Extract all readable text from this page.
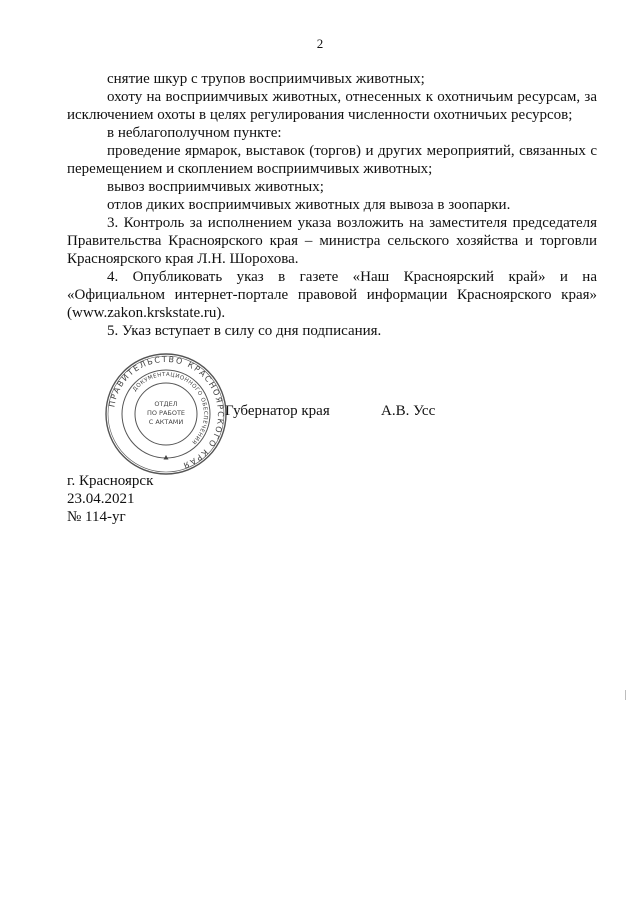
2

снятие шкур с трупов восприимчивых животных;

охоту на восприимчивых животных, отнесенных к охотничьим ресурсам, за исключением охоты в целях регулирования численности охотничьих ресурсов;

в неблагополучном пункте:

проведение ярмарок, выставок (торгов) и других мероприятий, связанных с перемещением и скоплением восприимчивых животных;

вывоз восприимчивых животных;

отлов диких восприимчивых животных для вывоза в зоопарки.

3. Контроль за исполнением указа возложить на заместителя председателя Правительства Красноярского края – министра сельского хозяйства и торговли Красноярского края Л.Н. Шорохова.

4. Опубликовать указ в газете «Наш Красноярский край» и на «Официальном интернет-портале правовой информации Красноярского края» (www.zakon.krskstate.ru).

5. Указ вступает в силу со дня подписания.

ПРАВИТЕЛЬСТВО КРАСНОЯРСКОГО КРАЯ
ДОКУМЕНТАЦИОННОГО ОБЕСПЕЧЕНИЯ
ОТДЕЛ
ПО РАБОТЕ
С АКТАМИ
Губернатор края	А.В. Усс
г. Красноярск
23.04.2021
№ 114-уг
